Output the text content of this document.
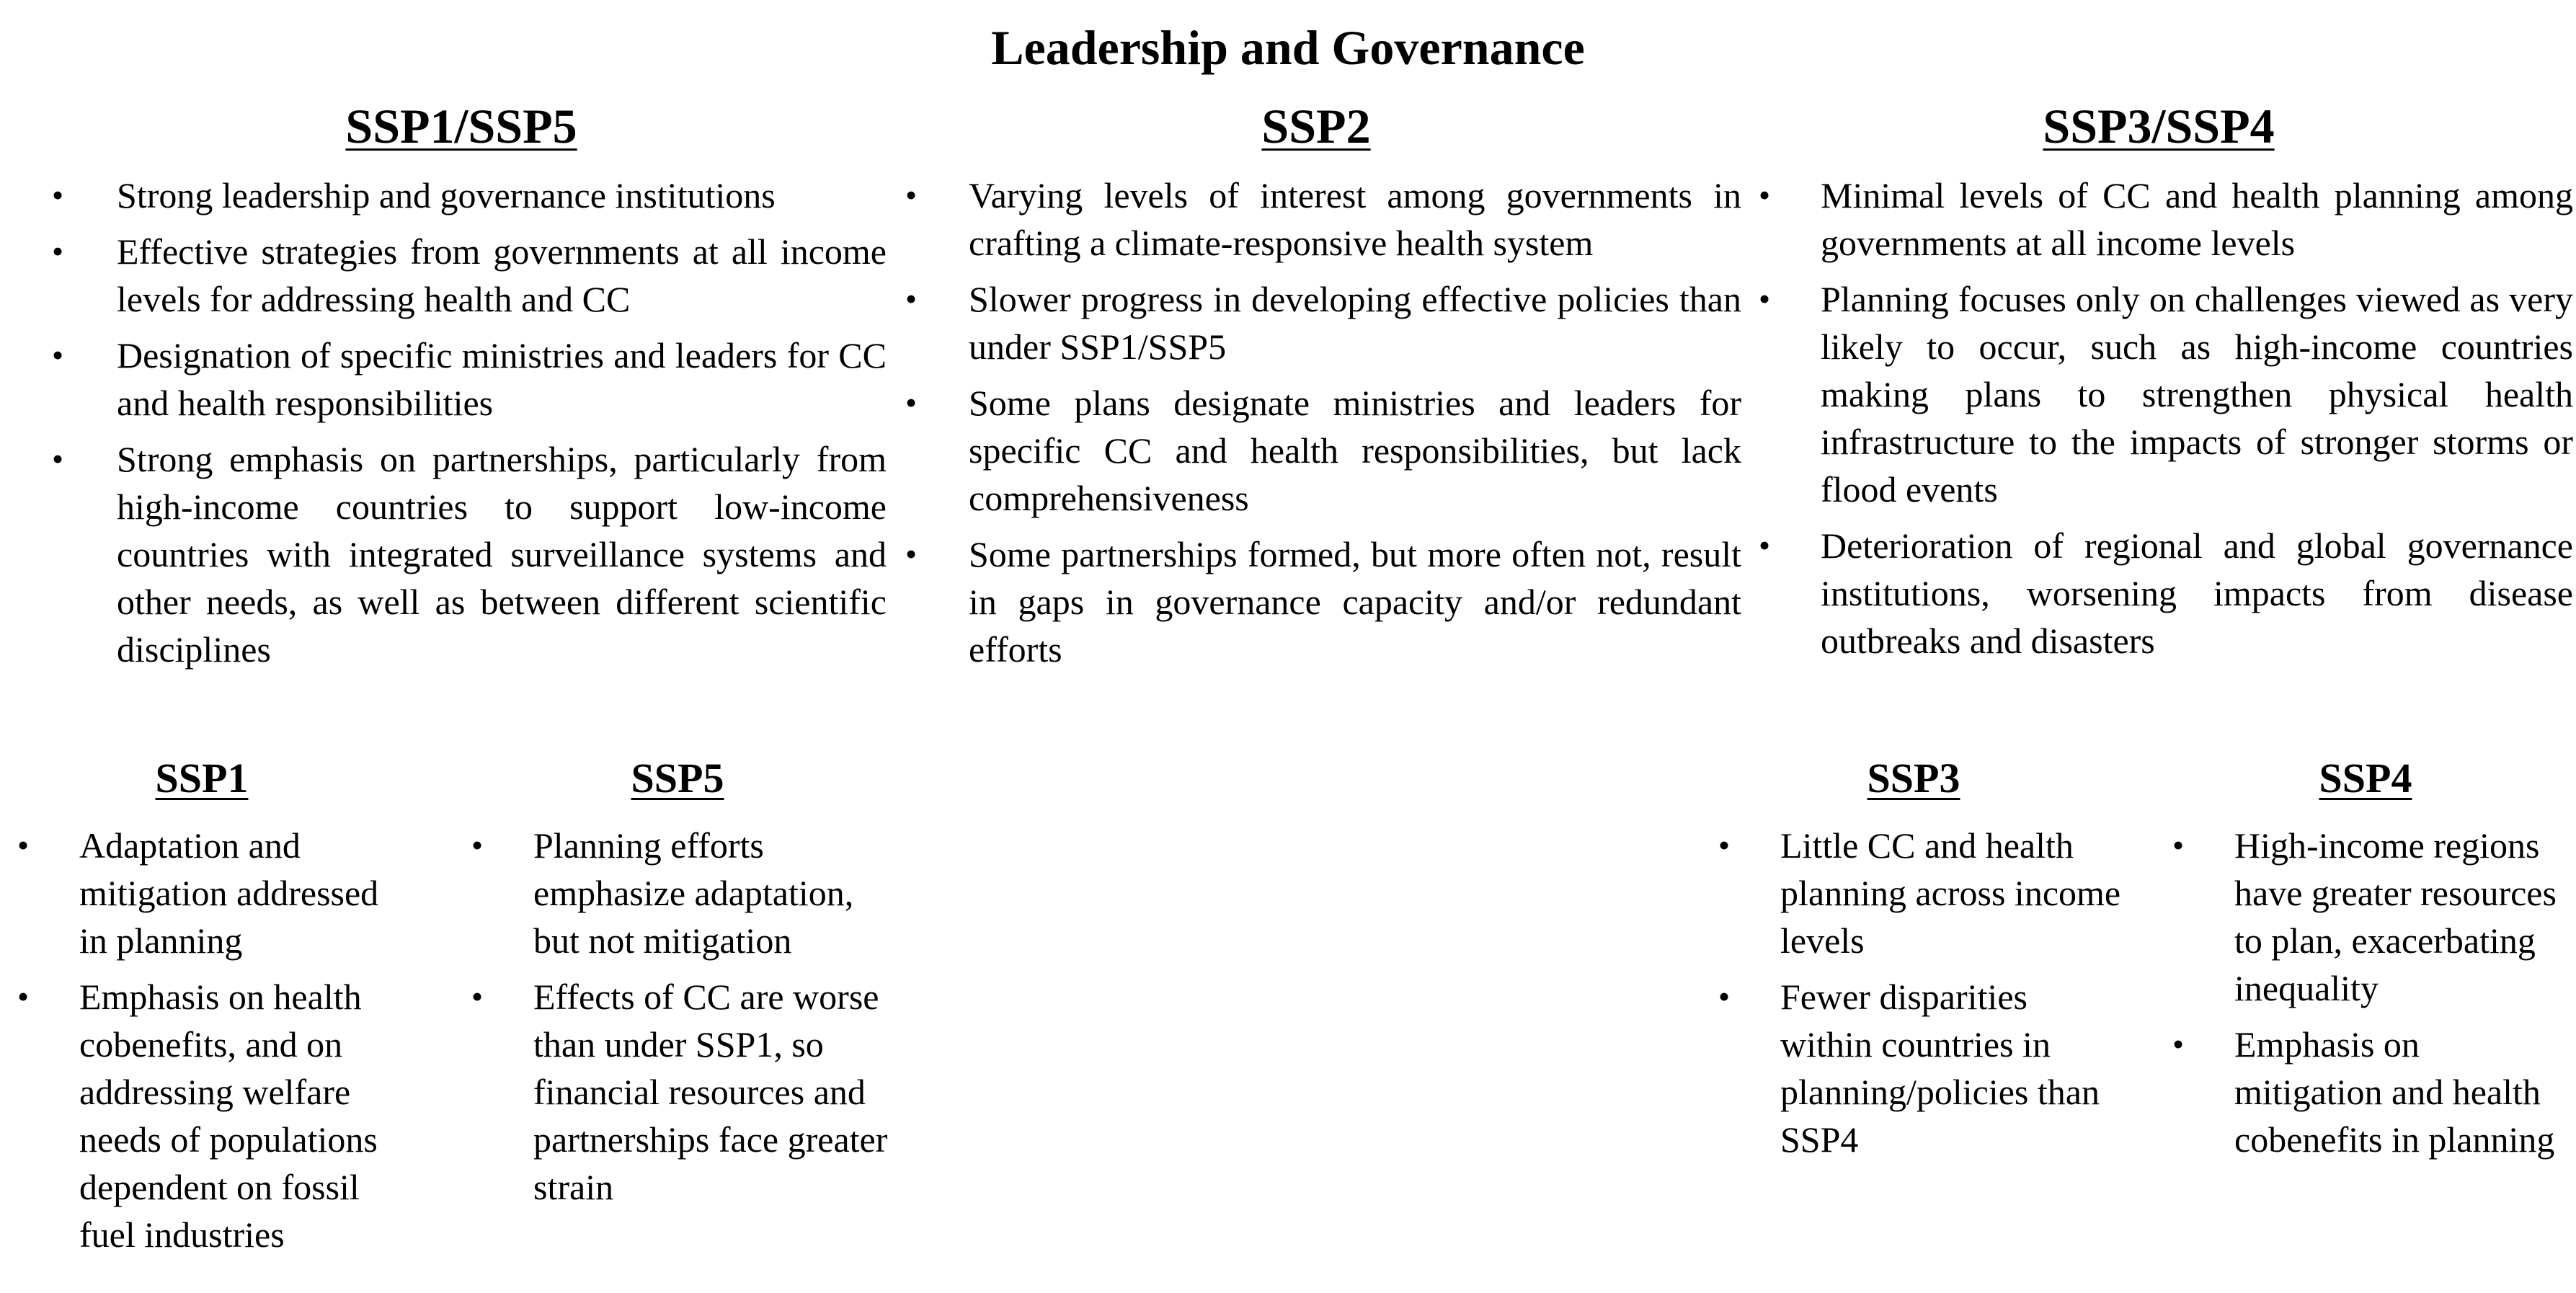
Leadership and Governance
SSP1/SSP5
• Strong leadership and governance institutions
• Effective strategies from governments at all income levels for addressing health and CC
• Designation of specific ministries and leaders for CC and health responsibilities
• Strong emphasis on partnerships, particularly from high-income countries to support low-income countries with integrated surveillance systems and other needs, as well as between different scientific disciplines
SSP2
• Varying levels of interest among governments in crafting a climate-responsive health system
• Slower progress in developing effective policies than under SSP1/SSP5
• Some plans designate ministries and leaders for specific CC and health responsibilities, but lack comprehensiveness
• Some partnerships formed, but more often not, result in gaps in governance capacity and/or redundant efforts
SSP3/SSP4
• Minimal levels of CC and health planning among governments at all income levels
• Planning focuses only on challenges viewed as very likely to occur, such as high-income countries making plans to strengthen physical health infrastructure to the impacts of stronger storms or flood events
• Deterioration of regional and global governance institutions, worsening impacts from disease outbreaks and disasters
SSP1
• Adaptation and mitigation addressed in planning
• Emphasis on health cobenefits, and on addressing welfare needs of populations dependent on fossil fuel industries
SSP5
• Planning efforts emphasize adaptation, but not mitigation
• Effects of CC are worse than under SSP1, so financial resources and partnerships face greater strain
SSP3
• Little CC and health planning across income levels
• Fewer disparities within countries in planning/policies than SSP4
SSP4
• High-income regions have greater resources to plan, exacerbating inequality
• Emphasis on mitigation and health cobenefits in planning
